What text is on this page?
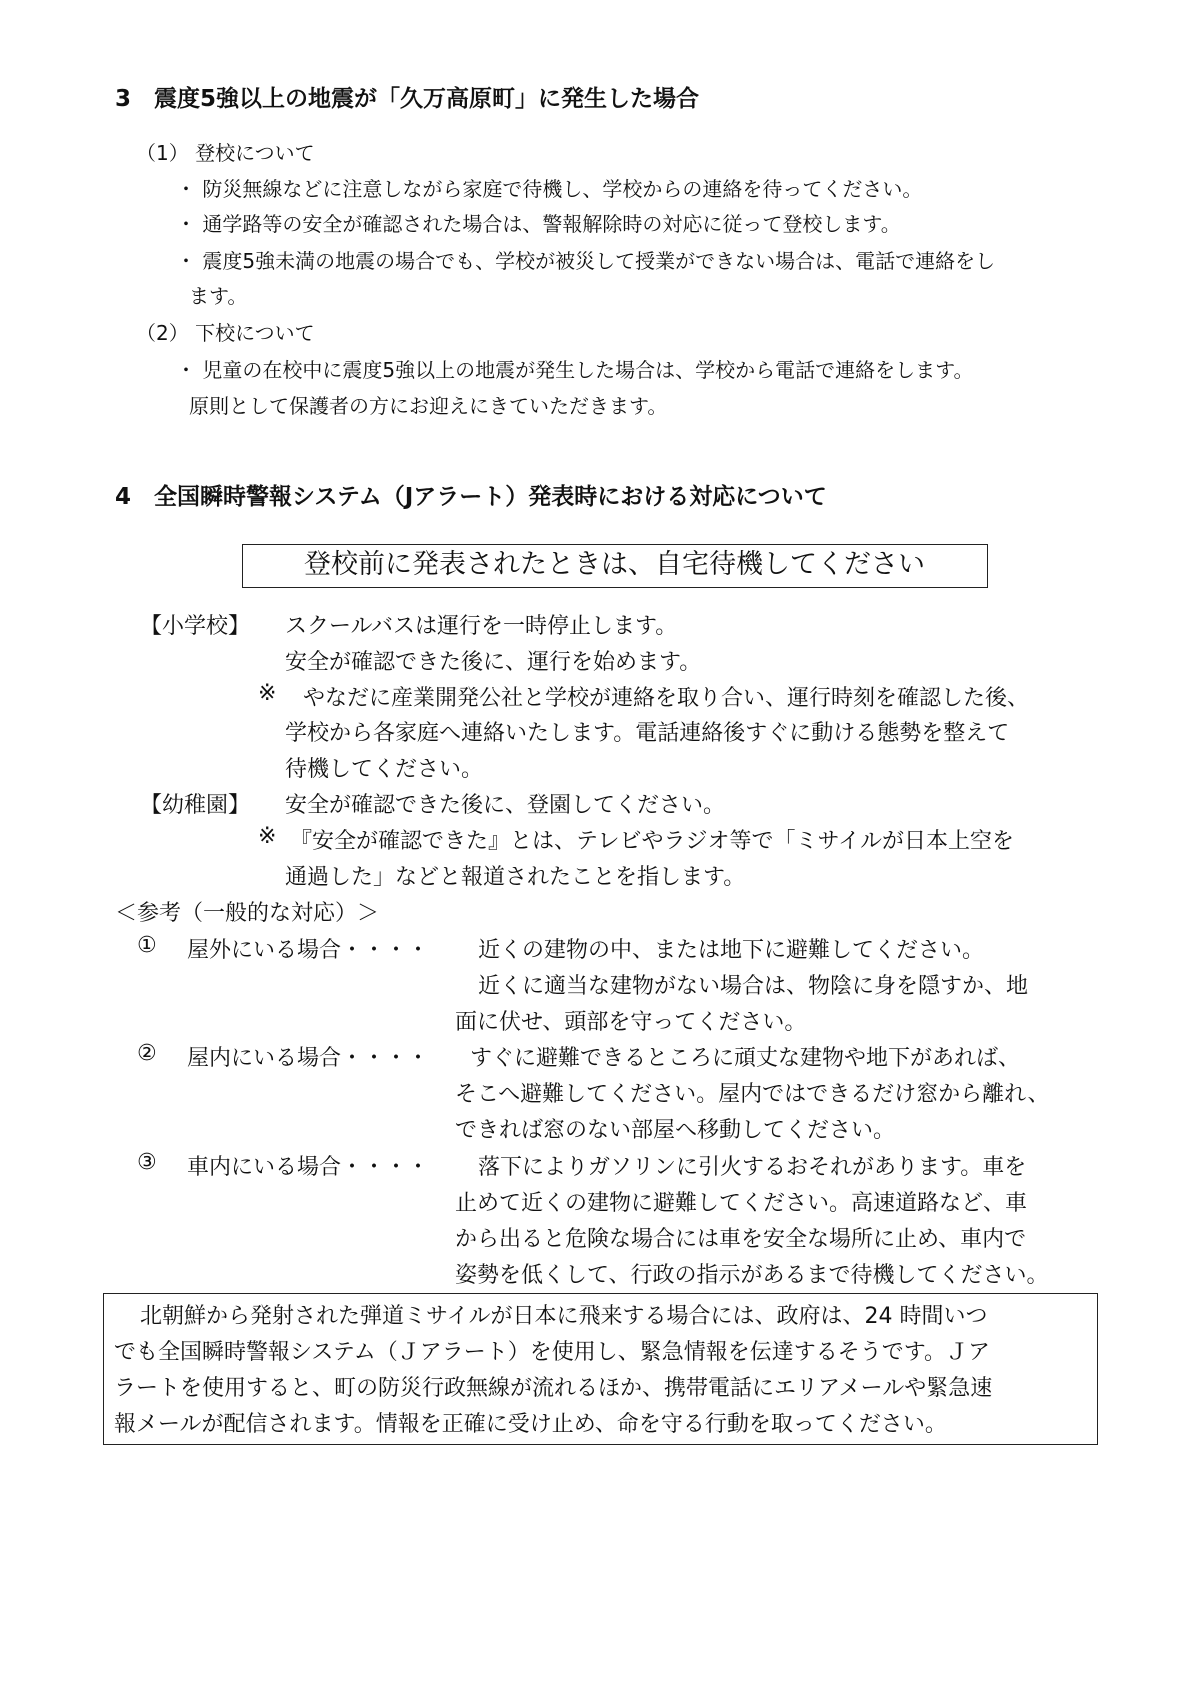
3　震度5強以上の地震が「久万高原町」に発生した場合
（1） 登校について
・ 防災無線などに注意しながら家庭で待機し、学校からの連絡を待ってください。
・ 通学路等の安全が確認された場合は、警報解除時の対応に従って登校します。
・ 震度5強未満の地震の場合でも、学校が被災して授業ができない場合は、電話で連絡をし
ます。
（2） 下校について
・ 児童の在校中に震度5強以上の地震が発生した場合は、学校から電話で連絡をします。
原則として保護者の方にお迎えにきていただきます。
4　全国瞬時警報システム（Jアラート）発表時における対応について
登校前に発表されたときは、自宅待機してください
【小学校】 スクールバスは運行を一時停止します。
安全が確認できた後に、運行を始めます。
※ やなだに産業開発公社と学校が連絡を取り合い、運行時刻を確認した後、
学校から各家庭へ連絡いたします。電話連絡後すぐに動ける態勢を整えて
待機してください。
【幼稚園】 安全が確認できた後に、登園してください。
※ 『安全が確認できた』とは、テレビやラジオ等で「ミサイルが日本上空を
通過した」などと報道されたことを指します。
＜参考（一般的な対応）＞
① 屋外にいる場合・・・・ 近くの建物の中、または地下に避難してください。
近くに適当な建物がない場合は、物陰に身を隠すか、地
面に伏せ、頭部を守ってください。
② 屋内にいる場合・・・・ すぐに避難できるところに頑丈な建物や地下があれば、
そこへ避難してください。屋内ではできるだけ窓から離れ、
できれば窓のない部屋へ移動してください。
③ 車内にいる場合・・・・ 落下によりガソリンに引火するおそれがあります。車を
止めて近くの建物に避難してください。高速道路など、車
から出ると危険な場合には車を安全な場所に止め、車内で
姿勢を低くして、行政の指示があるまで待機してください。
北朝鮮から発射された弾道ミサイルが日本に飛来する場合には、政府は、24 時間いつ
でも全国瞬時警報システム（Ｊアラート）を使用し、緊急情報を伝達するそうです。Ｊア
ラートを使用すると、町の防災行政無線が流れるほか、携帯電話にエリアメールや緊急速
報メールが配信されます。情報を正確に受け止め、命を守る行動を取ってください。
